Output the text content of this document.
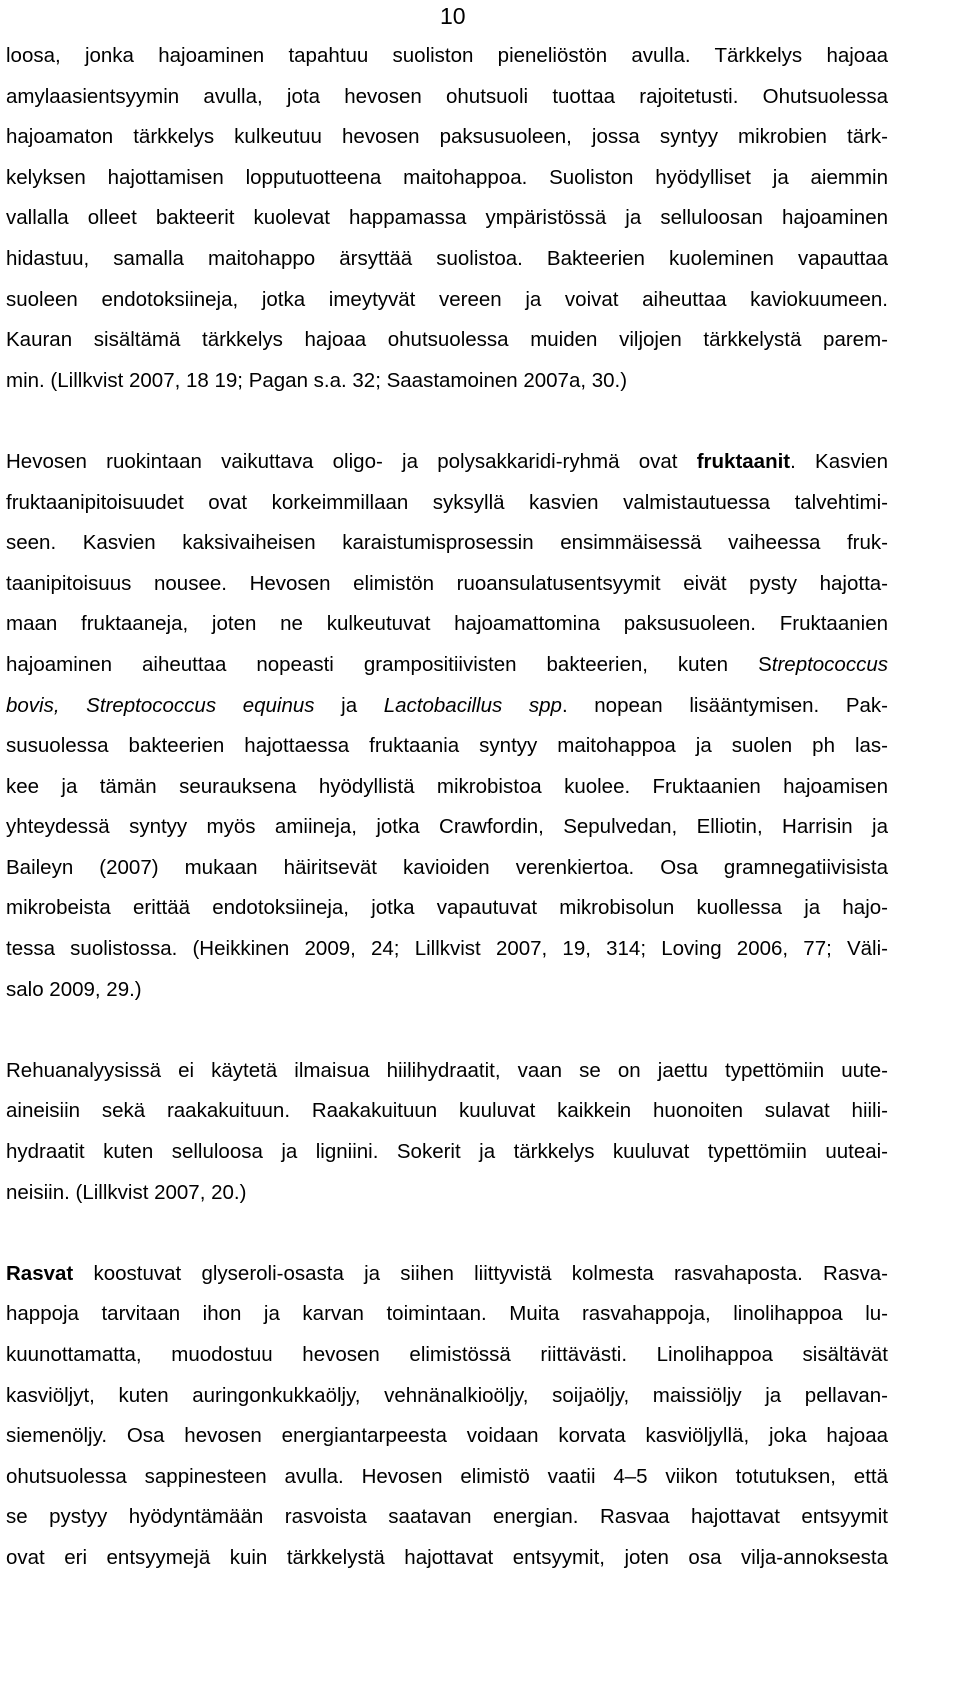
10
loosa, jonka hajoaminen tapahtuu suoliston pieneliöstön avulla. Tärkkelys hajoaa
amylaasientsyymin avulla, jota hevosen ohutsuoli tuottaa rajoitetusti. Ohutsuolessa
hajoamaton tärkkelys kulkeutuu hevosen paksusuoleen, jossa syntyy mikrobien tärk-
kelyksen hajottamisen lopputuotteena maitohappoa. Suoliston hyödylliset ja aiemmin
vallalla olleet bakteerit kuolevat happamassa ympäristössä ja selluloosan hajoaminen
hidastuu, samalla maitohappo ärsyttää suolistoa. Bakteerien kuoleminen vapauttaa
suoleen endotoksiineja, jotka imeytyvät vereen ja voivat aiheuttaa kaviokuumeen.
Kauran sisältämä tärkkelys hajoaa ohutsuolessa muiden viljojen tärkkelystä parem-
min. (Lillkvist 2007, 18 19; Pagan s.a. 32; Saastamoinen 2007a, 30.)
Hevosen ruokintaan vaikuttava oligo- ja polysakkaridi-ryhmä ovat fruktaanit. Kasvien
fruktaanipitoisuudet ovat korkeimmillaan syksyllä kasvien valmistautuessa talvehtimi-
seen. Kasvien kaksivaiheisen karaistumisprosessin ensimmäisessä vaiheessa fruk-
taanipitoisuus nousee. Hevosen elimistön ruoansulatusentsyymit eivät pysty hajotta-
maan fruktaaneja, joten ne kulkeutuvat hajoamattomina paksusuoleen. Fruktaanien
hajoaminen aiheuttaa nopeasti grampositiivisten bakteerien, kuten Streptococcus
bovis, Streptococcus equinus ja Lactobacillus spp. nopean lisääntymisen. Pak-
susuolessa bakteerien hajottaessa fruktaania syntyy maitohappoa ja suolen ph las-
kee ja tämän seurauksena hyödyllistä mikrobistoa kuolee. Fruktaanien hajoamisen
yhteydessä syntyy myös amiineja, jotka Crawfordin, Sepulvedan, Elliotin, Harrisin ja
Baileyn (2007) mukaan häiritsevät kavioiden verenkiertoa. Osa gramnegatiivisista
mikrobeista erittää endotoksiineja, jotka vapautuvat mikrobisolun kuollessa ja hajo-
tessa suolistossa. (Heikkinen 2009, 24; Lillkvist 2007, 19, 314; Loving 2006, 77; Väli-
salo 2009, 29.)
Rehuanalyysissä ei käytetä ilmaisua hiilihydraatit, vaan se on jaettu typettömiin uute-
aineisiin sekä raakakuituun. Raakakuituun kuuluvat kaikkein huonoiten sulavat hiili-
hydraatit kuten selluloosa ja ligniini. Sokerit ja tärkkelys kuuluvat typettömiin uuteai-
neisiin. (Lillkvist 2007, 20.)
Rasvat koostuvat glyseroli-osasta ja siihen liittyvistä kolmesta rasvahaposta. Rasva-
happoja tarvitaan ihon ja karvan toimintaan. Muita rasvahappoja, linolihappoa lu-
kuunottamatta, muodostuu hevosen elimistössä riittävästi. Linolihappoa sisältävät
kasviöljyt, kuten auringonkukkaöljy, vehnänalkioöljy, soijaöljy, maissiöljy ja pellavan-
siemenöljy. Osa hevosen energiantarpeesta voidaan korvata kasviöljyllä, joka hajoaa
ohutsuolessa sappinesteen avulla. Hevosen elimistö vaatii 4–5 viikon totutuksen, että
se pystyy hyödyntämään rasvoista saatavan energian. Rasvaa hajottavat entsyymit
ovat eri entsyymejä kuin tärkkelystä hajottavat entsyymit, joten osa vilja-annoksesta
